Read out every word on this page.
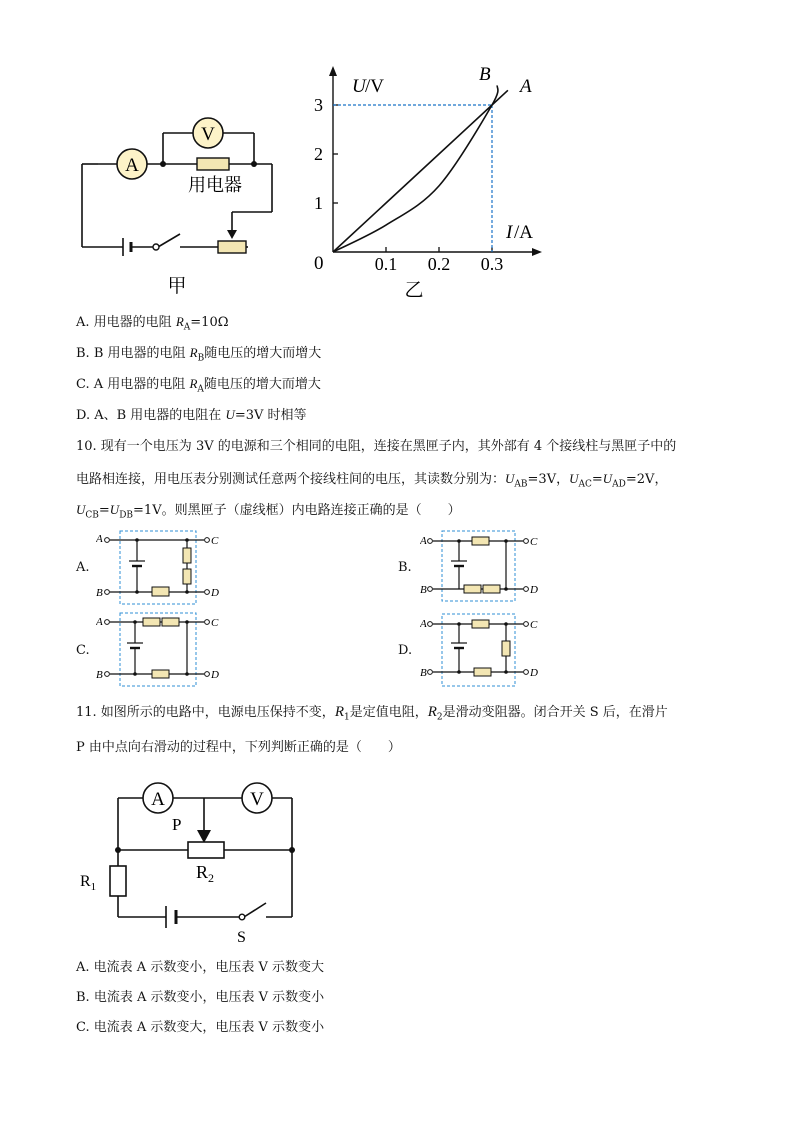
A
V
用电器
甲
U /V
I /A
0
1
2
3
0.1 0.2 0.3
B
A
乙
A. 用电器的电阻 $R_A=10\Omega$
B. B 用电器的电阻 $R_B$随电压的增大而增大
C. A 用电器的电阻 $R_A$随电压的增大而增大
D. A、B 用电器的电阻在 U=3V 时相等
10. 现有一个电压为 3V 的电源和三个相同的电阻，连接在黑匣子内，其外部有 4 个接线柱与黑匣子中的
电路相连接，用电压表分别测试任意两个接线柱间的电压，其读数分别为：$U_{AB}=3V$，$U_{AC}=U_{AD}=2V$，
$U_{CB}=U_{DB}=1V$。则黑匣子（虚线框）内电路连接正确的是（　　）
A.	B.
C.	D.
A
B
C
D
A
B
C
D
A
B
C
D
A
B
C
D
11. 如图所示的电路中，电源电压保持不变，$R_1$是定值电阻，$R_2$是滑动变阻器。闭合开关 S 后，在滑片
P 由中点向右滑动的过程中，下列判断正确的是（　　）
A	V
P
$R_2$
$R_1$
S
A. 电流表 A 示数变小，电压表 V 示数变大
B. 电流表 A 示数变小，电压表 V 示数变小
C. 电流表 A 示数变大，电压表 V 示数变小
